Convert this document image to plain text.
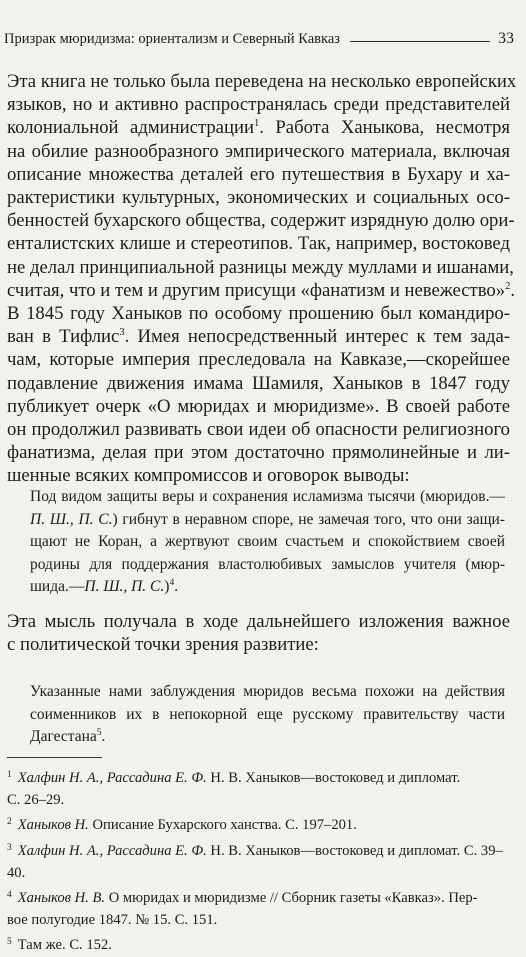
Призрак мюридизма: ориентализм и Северный Кавказ	33
Эта книга не только была переведена на несколько европейских
языков, но и активно распространялась среди представителей
колониальной администрации$^1$. Работа Ханыкова, несмотря
на обилие разнообразного эмпирического материала, включая
описание множества деталей его путешествия в Бухару и ха-
рактеристики культурных, экономических и социальных осо-
бенностей бухарского общества, содержит изрядную долю ори-
енталистских клише и стереотипов. Так, например, востоковед
не делал принципиальной разницы между муллами и ишанами,
считая, что и тем и другим присущи «фанатизм и невежество»$^2$.
В 1845 году Ханыков по особому прошению был командиро-
ван в Тифлис$^3$. Имея непосредственный интерес к тем зада-
чам, которые империя преследовала на Кавказе,—скорейшее
подавление движения имама Шамиля, Ханыков в 1847 году
публикует очерк «О мюридах и мюридизме». В своей работе
он продолжил развивать свои идеи об опасности религиозного
фанатизма, делая при этом достаточно прямолинейные и ли-
шенные всяких компромиссов и оговорок выводы:
Под видом защиты веры и сохранения исламизма тысячи (мюридов.—
П. Ш., П. С.) гибнут в неравном споре, не замечая того, что они защи-
щают не Коран, а жертвуют своим счастьем и спокойствием своей
родины для поддержания властолюбивых замыслов учителя (мюр-
шида.—П. Ш., П. С.)$^4$.
Эта мысль получала в ходе дальнейшего изложения важное
с политической точки зрения развитие:
Указанные нами заблуждения мюридов весьма похожи на действия
соименников их в непокорной еще русскому правительству части
Дагестана$^5$.
$^1$ Халфин Н. А., Рассадина Е. Ф. Н. В. Ханыков—востоковед и дипломат.
С. 26–29.
$^2$ Ханыков Н. Описание Бухарского ханства. С. 197–201.
$^3$ Халфин Н. А., Рассадина Е. Ф. Н. В. Ханыков—востоковед и дипломат. С. 39–40.
$^4$ Ханыков Н. В. О мюридах и мюридизме // Сборник газеты «Кавказ». Пер-
вое полугодие 1847. № 15. С. 151.
$^5$ Там же. С. 152.
